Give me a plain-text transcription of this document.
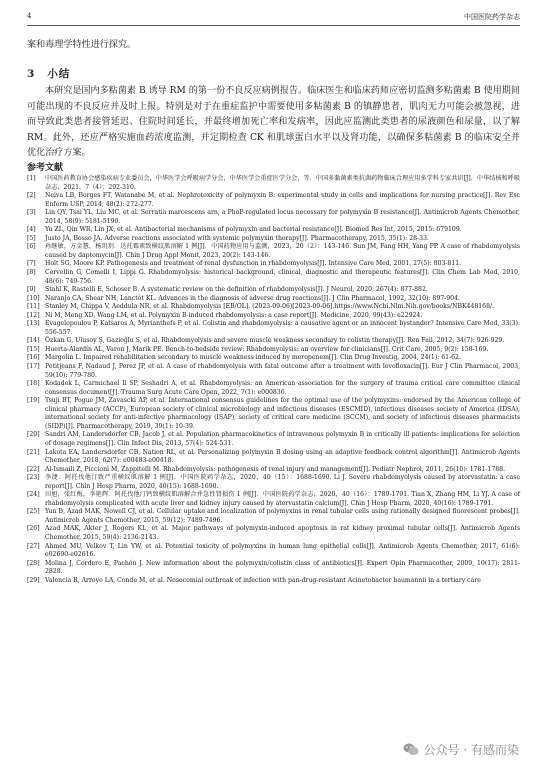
4	中国医院药学杂志
案和毒理学特性进行探究。
3 小结
本研究是国内多粘菌素 B 诱导 RM 的第一份不良反应病例报告。临床医生和临床药师应密切监测多粘菌素 B 使用期间可能出现的不良反应并及时上报。特别是对于在重症监护中需要使用多粘菌素 B 的镇静患者，肌肉无力可能会被忽视，进而导致此类患者接管延迟、住院时间延长，并最终增加死亡率和发病率，因此应监测此类患者的尿液颜色和尿量，以了解 RM。此外，还应严格实施血药浓度监测，并定期检查 CK 和肌球蛋白水平以及肾功能，以确保多粘菌素 B 的临床安全并优化治疗方案。
参考文献
[1]	中国医药教育协会感染疾病专业委员会，中华医学会呼吸病学分会，中华医学会重症医学分会，等．中国多黏菌素类抗菌药物临床合理应用多学科专家共识[J]．中华结核和呼吸杂志，2021，7（4）：292-310.
[2]	Neiva LB, Borges FT, Watanabe M, et al. Nephrotoxicity of polymyxin B: experimental study in cells and implications for nursing practice[J]. Rev Esc Enferm USP, 2014, 48(2): 272-277.
[3]	Lin QY, Tsai YL, Liu MC, et al. Serratia marcescens arn, a PhoP-regulated locus necessary for polymyxin B resistance[J]. Antimicrob Agents Chemother, 2014, 58(9): 5181-5190.
[4]	Yu ZL, Qin WR, Lin JX, et al. Antibacterial mechanisms of polymyxin and bacterial resistance[J]. Biomed Res Int, 2015, 2015: 679109.
[5]	Justo JA, Bosso JA. Adverse reactions associated with systemic polymyxin therapy[J]. Pharmacotherapy, 2015, 35(1): 28-33.
[6]	孙继敏，方金慧，杨玥玥．达托霉素致横纹肌溶解 1 例[J]．中国药物应用与监测，2023，20（2）：143-146. Sun JM, Fang HH, Yang PP. A case of rhabdomyolysis caused by daptomycin[J]. Chin J Drug Appl Monit, 2023, 20(2): 143-146.
[7]	Holt SG, Moore KP. Pathogenesis and treatment of renal dysfunction in rhabdomyolysis[J]. Intensive Care Med, 2001, 27(5): 803-811.
[8]	Cervellin G, Comelli I, Lippi G. Rhabdomyolysis: historical background, clinical, diagnostic and therapeutic features[J]. Clin Chem Lab Med, 2010, 48(6): 749-756.
[9]	Stahl K, Rastelli E, Schoser B. A systematic review on the definition of rhabdomyolysis[J]. J Neurol, 2020, 267(4): 877-882.
[10] Naranjo CA, Shear NH, Lanctôt KL. Advances in the diagnosis of adverse drug reactions[J]. J Clin Pharmacol, 1992, 32(10): 897-904.
[11] Stanley M, Chippa V, Aeddula NR, et al. Rhabdomyolysis [EB/OL]. (2023-09-06)[2023-09-06].https://www.Ncbi.Nlm.Nih.gov/books/NBK448168/.
[12] Ni M, Meng XD, Wang LM, et al. Polymyxin B-induced rhabdomyolysis: a case report[J]. Medicine, 2020, 99(43): e22924.
[13] Evagelopoulou P, Katsaros A, Myrianthefs P, et al. Colistin and rhabdomyolysis: a causative agent or an innocent bystander? Intensive Care Med, 33(3): 556-557.
[14] Özkan G, Ulusoy Ş, Gazioğlu S, et al. Rhabdomyolysis and severe muscle weakness secondary to colistin therapy[J]. Ren Fail, 2012, 34(7): 926-929.
[15] Huerta-Alardín AL, Varon J, Marik PE. Bench-to-bedside review: Rhabdomyolysis: an overview for clinicians[J]. Crit Care, 2005, 9(2): 158-169.
[16] Margolin L. Impaired rehabilitation secondary to muscle weakness induced by meropenem[J]. Clin Drug Investig, 2004, 24(1): 61-62.
[17] Petitjeans F, Nadaud J, Perez JP, et al. A case of rhabdomyolysis with fatal outcome after a treatment with levofloxacin[J]. Eur J Clin Pharmacol, 2003, 59(10): 779-780.
[18] Kodadek L, Carmichael Ii SP, Seshadri A, et al. Rhabdomyolysis: an American association for the surgery of trauma critical care committee clinical consensus document[J]. Trauma Surg Acute Care Open, 2022, 7(1): e000836.
[19] Tsuji BT, Pogue JM, Zavascki AP, et al. International consensus guidelines for the optimal use of the polymyxins: endorsed by the American college of clinical pharmacy (ACCP), European society of clinical microbiology and infectious diseases (ESCMID), infectious diseases society of America (IDSA), international society for anti-infective pharmacology (ISAP), society of critical care medicine (SCCM), and society of infectious diseases pharmacists (SIDP)[J]. Pharmacotherapy, 2019, 39(1): 10-39.
[20] Sandri AM, Landersdorfer CB, Jacob J, et al. Population pharmacokinetics of intravenous polymyxin B in critically ill patients: implications for selection of dosage regimens[J]. Clin Infect Dis, 2013, 57(4): 524-531.
[21] Lakota EA, Landersdorfer CB, Nation RL, et al. Personalizing polymyxin B dosing using an adaptive feedback control algorithm[J]. Antimicrob Agents Chemother, 2018, 62(7): e00483-e00418.
[22] Al-Ismaili Z, Piccioni M, Zappitelli M. Rhabdomyolysis: pathogenesis of renal injury and management[J]. Pediatr Nephrol, 2011, 26(10): 1781-1788.
[23] 李捷．阿托伐他汀致严重横纹肌溶解 1 例[J]．中国医院药学杂志，2020，40（15）：1688-1690. Li J. Severe rhabdomyolysis caused by atorvastatin: a case report[J]. Chin J Hosp Pharm, 2020, 40(15): 1688-1690.
[24] 田旭，张红梅，李艳辉．阿托伐他汀钙致横纹肌溶解合并急性肾损伤 1 例[J]．中国医院药学杂志，2020，40（16）：1789-1791. Tian X, Zhang HM, Li YJ. A case of rhabdomyolysis complicated with acute liver and kidney injury caused by atorvastatin calcium[J]. Chin J Hosp Pharm, 2020, 40(16): 1789-1791.
[25] Yun B, Azad MAK, Nowell CJ, et al. Cellular uptake and localization of polymyxins in renal tubular cells using rationally designed fluorescent probes[J]. Antimicrob Agents Chemother, 2015, 59(12): 7489-7496.
[26] Azad MAK, Akter J, Rogers KL, et al. Major pathways of polymyxin-induced apoptosis in rat kidney proximal tubular cells[J]. Antimicrob Agents Chemother, 2015, 59(4): 2136-2143.
[27] Ahmed MU, Velkov T, Lin YW, et al. Potential toxicity of polymyxins in human lung epithelial cells[J]. Antimicrob Agents Chemother, 2017, 61(6): e02690-e02616.
[28] Molina J, Cordero E, Pachón J. New information about the polymyxin/colistin class of antibiotics[J]. Expert Opin Pharmacother, 2009, 10(17): 2811-2828.
[29] Valencia R, Arroyo LA, Conde M, et al. Nosocomial outbreak of infection with pan-drug-resistant Acinetobacter baumannii in a tertiary care
公众号 · 有感而染
